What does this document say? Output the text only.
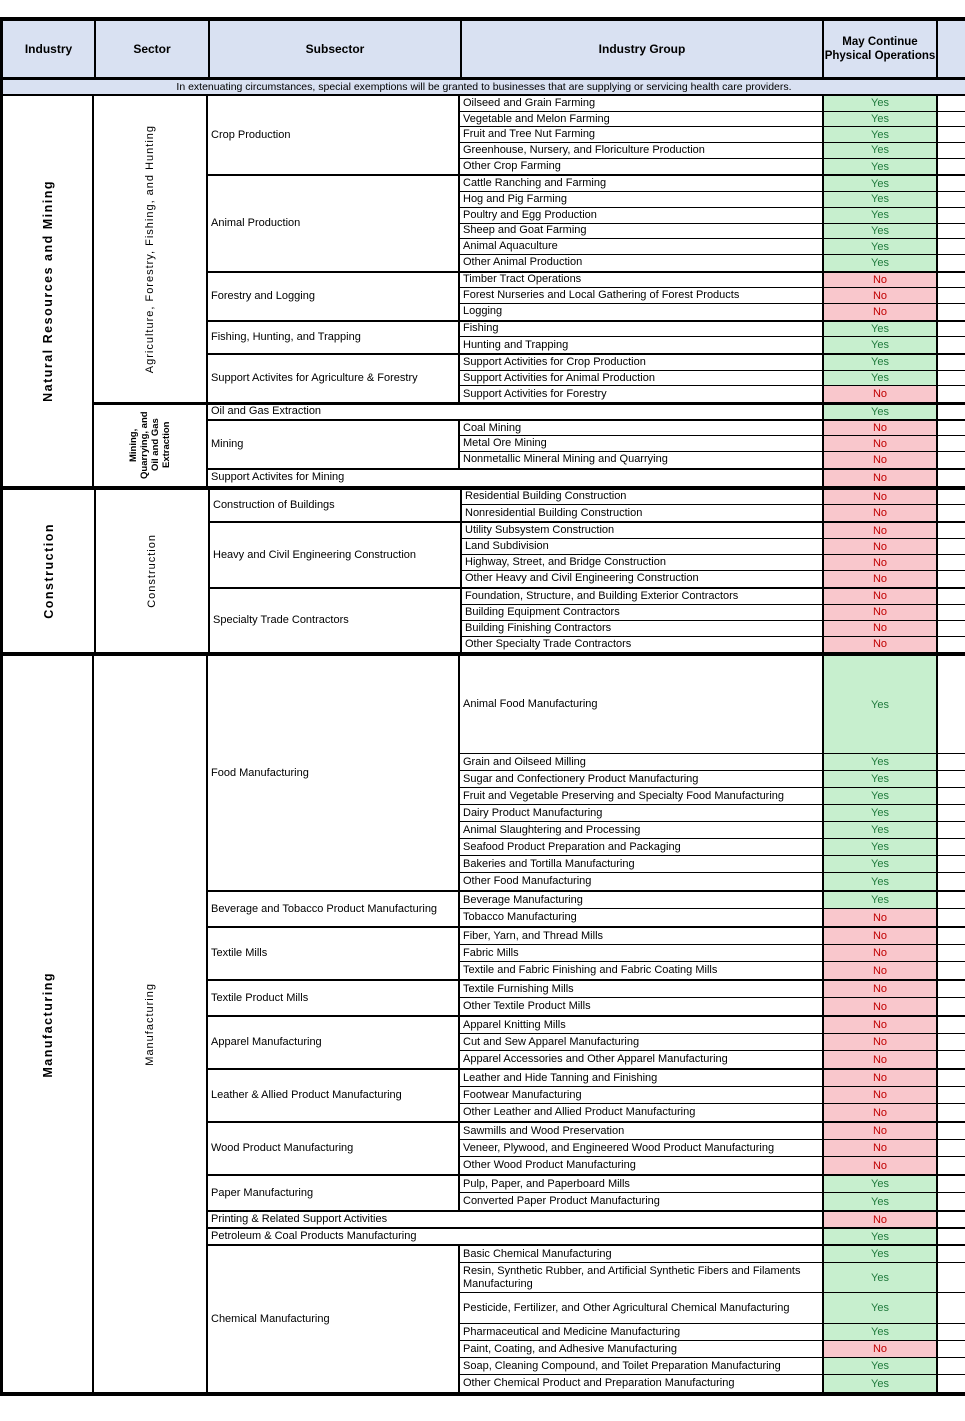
Industry	Sector	Subsector	Industry Group	May Continue Physical Operations
In extenuating circumstances, special exemptions will be granted to businesses that are supplying or servicing health care providers.
Natural Resources and Mining	Agriculture, Forestry, Fishing, and Hunting	Crop Production
Oilseed and Grain Farming	Yes
Vegetable and Melon Farming	Yes
Fruit and Tree Nut Farming	Yes
Greenhouse, Nursery, and Floriculture Production	Yes
Other Crop Farming	Yes
Animal Production
Cattle Ranching and Farming	Yes
Hog and Pig Farming	Yes
Poultry and Egg Production	Yes
Sheep and Goat Farming	Yes
Animal Aquaculture	Yes
Other Animal Production	Yes
Forestry and Logging
Timber Tract Operations	No
Forest Nurseries and Local Gathering of Forest Products	No
Logging	No
Fishing, Hunting, and Trapping
Fishing	Yes
Hunting and Trapping	Yes
Support Activites for Agriculture & Forestry
Support Activities for Crop Production	Yes
Support Activities for Animal Production	Yes
Support Activities for Forestry	No
Mining, Quarrying, and Oil and Gas Extraction
Oil and Gas Extraction	Yes
Mining
Coal Mining	No
Metal Ore Mining	No
Nonmetallic Mineral Mining and Quarrying	No
Support Activites for Mining	No
Construction	Construction
Construction of Buildings
Residential Building Construction	No
Nonresidential Building Construction	No
Heavy and Civil Engineering Construction
Utility Subsystem Construction	No
Land Subdivision	No
Highway, Street, and Bridge Construction	No
Other Heavy and Civil Engineering Construction	No
Specialty Trade Contractors
Foundation, Structure, and Building Exterior Contractors	No
Building Equipment Contractors	No
Building Finishing Contractors	No
Other Specialty Trade Contractors	No
Manufacturing	Manufacturing
Food Manufacturing
Animal Food Manufacturing	Yes
Grain and Oilseed Milling	Yes
Sugar and Confectionery Product Manufacturing	Yes
Fruit and Vegetable Preserving and Specialty Food Manufacturing	Yes
Dairy Product Manufacturing	Yes
Animal Slaughtering and Processing	Yes
Seafood Product Preparation and Packaging	Yes
Bakeries and Tortilla Manufacturing	Yes
Other Food Manufacturing	Yes
Beverage and Tobacco Product Manufacturing
Beverage Manufacturing	Yes
Tobacco Manufacturing	No
Textile Mills
Fiber, Yarn, and Thread Mills	No
Fabric Mills	No
Textile and Fabric Finishing and Fabric Coating Mills	No
Textile Product Mills
Textile Furnishing Mills	No
Other Textile Product Mills	No
Apparel Manufacturing
Apparel Knitting Mills	No
Cut and Sew Apparel Manufacturing	No
Apparel Accessories and Other Apparel Manufacturing	No
Leather & Allied Product Manufacturing
Leather and Hide Tanning and Finishing	No
Footwear Manufacturing	No
Other Leather and Allied Product Manufacturing	No
Wood Product Manufacturing
Sawmills and Wood Preservation	No
Veneer, Plywood, and Engineered Wood Product Manufacturing	No
Other Wood Product Manufacturing	No
Paper Manufacturing
Pulp, Paper, and Paperboard Mills	Yes
Converted Paper Product Manufacturing	Yes
Printing & Related Support Activities	No
Petroleum & Coal Products Manufacturing	Yes
Chemical Manufacturing
Basic Chemical Manufacturing	Yes
Resin, Synthetic Rubber, and Artificial Synthetic Fibers and Filaments Manufacturing	Yes
Pesticide, Fertilizer, and Other Agricultural Chemical Manufacturing	Yes
Pharmaceutical and Medicine Manufacturing	Yes
Paint, Coating, and Adhesive Manufacturing	No
Soap, Cleaning Compound, and Toilet Preparation Manufacturing	Yes
Other Chemical Product and Preparation Manufacturing	Yes
